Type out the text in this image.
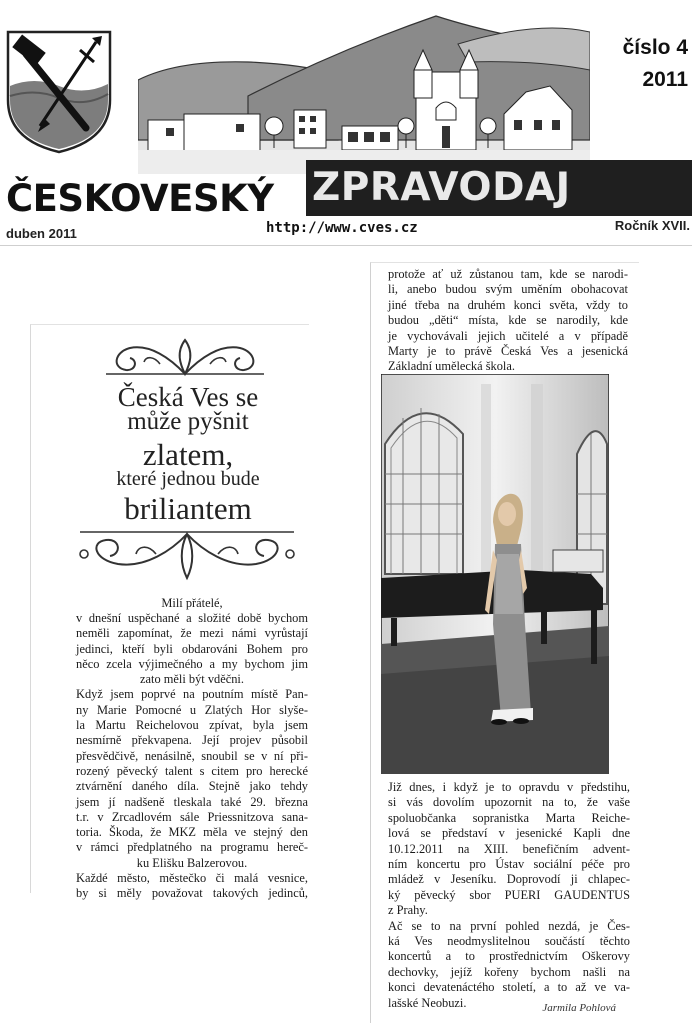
číslo 4
2011
ČESKOVESKÝ ZPRAVODAJ
duben 2011	http://www.cves.cz	Ročník XVII.
Česká Ves se
může pyšnit
zlatem,
které jednou bude
briliantem
Milí přátelé,

v dnešní uspěchané a složité době bychom

neměli zapomínat, že mezi námi vyrůstají

jedinci, kteří byli obdarováni Bohem pro

něco zcela výjimečného a my bychom jim

zato měli být vděčni.

Když jsem poprvé na poutním místě Pan-

ny Marie Pomocné u Zlatých Hor slyše-

la Martu Reichelovou zpívat, byla jsem

nesmírně překvapena. Její projev působil

přesvědčivě, nenásilně, snoubil se v ní při-

rozený pěvecký talent s citem pro herecké

ztvárnění daného díla. Stejně jako tehdy

jsem jí nadšeně tleskala také 29. března

t.r. v Zrcadlovém sále Priessnitzova sana-

toria. Škoda, že MKZ měla ve stejný den

v rámci předplatného na programu hereč-

ku Elišku Balzerovou.

Každé město, městečko či malá vesnice,

by si měly považovat takových jedinců,

protože ať už zůstanou tam, kde se narodi-

li, anebo budou svým uměním obohacovat

jiné třeba na druhém konci světa, vždy to

budou „děti“ místa, kde se narodily, kde

je vychovávali jejich učitelé a v případě

Marty je to právě Česká Ves a jesenická

Základní umělecká škola.

Již dnes, i když je to opravdu v předstihu,

si vás dovolím upozornit na to, že vaše

spoluobčanka sopranistka Marta Reiche-

lová se představí v jesenické Kapli dne

10.12.2011 na XIII. benefičním advent-

ním koncertu pro Ústav sociální péče pro

mládež v Jeseníku. Doprovodí ji chlapec-

ký pěvecký sbor PUERI GAUDENTUS

z Prahy.

Ač se to na první pohled nezdá, je Čes-

ká Ves neodmyslitelnou součástí těchto

koncertů a to prostřednictvím Oškerovy

dechovky, jejíž kořeny bychom našli na

konci devatenáctého století, a to až ve va-

lašské Neobuzi.	Jarmila Pohlová
